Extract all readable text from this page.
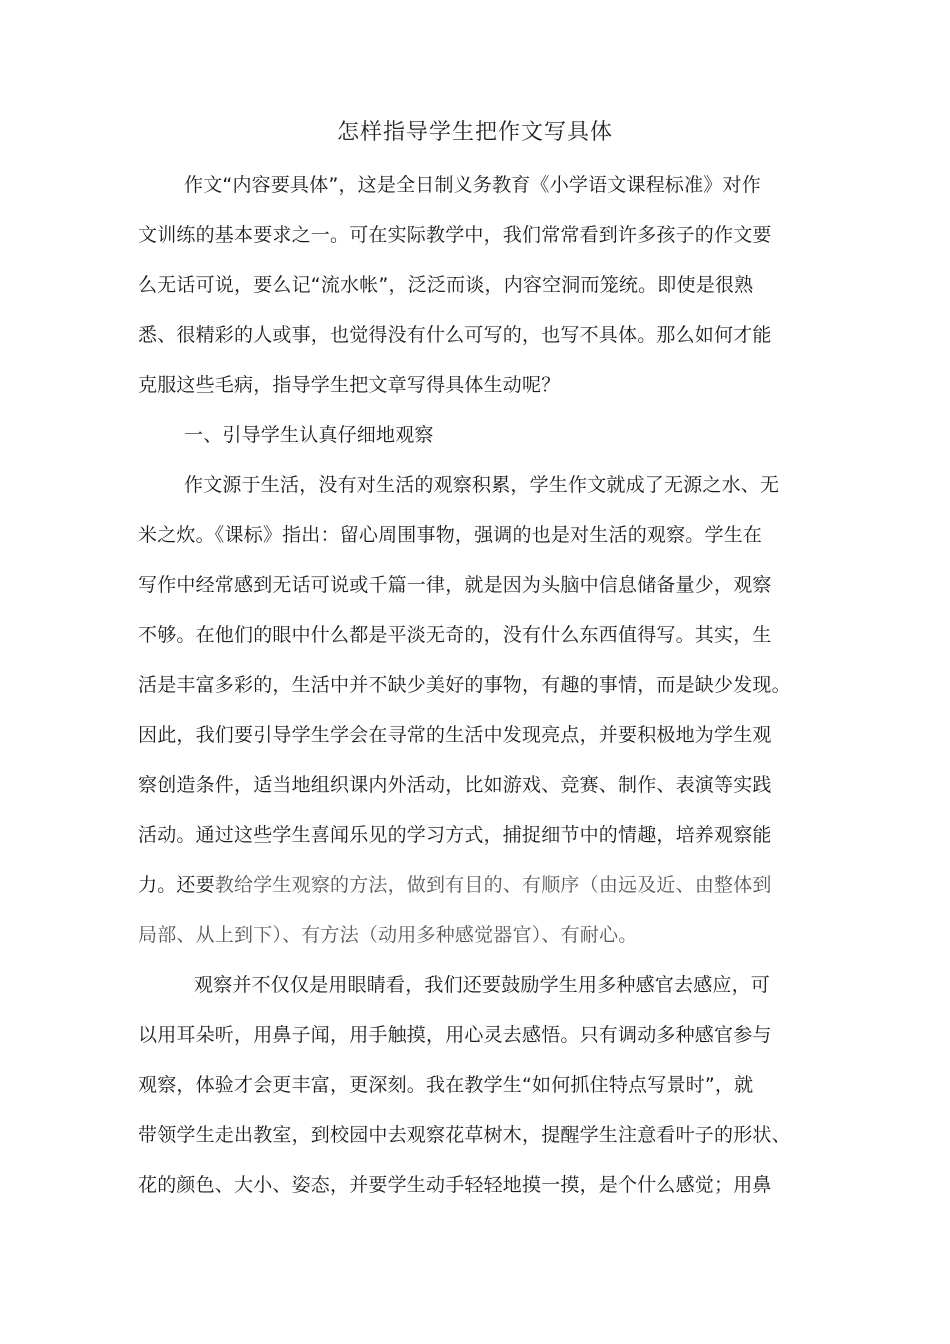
怎样指导学生把作文写具体
作文“内容要具体”，这是全日制义务教育《小学语文课程标准》对作
文训练的基本要求之一。可在实际教学中，我们常常看到许多孩子的作文要
么无话可说，要么记“流水帐”，泛泛而谈，内容空洞而笼统。即使是很熟
悉、很精彩的人或事，也觉得没有什么可写的，也写不具体。那么如何才能
克服这些毛病，指导学生把文章写得具体生动呢？
一、引导学生认真仔细地观察
作文源于生活，没有对生活的观察积累，学生作文就成了无源之水、无
米之炊。《课标》指出：留心周围事物，强调的也是对生活的观察。学生在
写作中经常感到无话可说或千篇一律，就是因为头脑中信息储备量少，观察
不够。在他们的眼中什么都是平淡无奇的，没有什么东西值得写。其实，生
活是丰富多彩的，生活中并不缺少美好的事物，有趣的事情，而是缺少发现。
因此，我们要引导学生学会在寻常的生活中发现亮点，并要积极地为学生观
察创造条件，适当地组织课内外活动，比如游戏、竞赛、制作、表演等实践
活动。通过这些学生喜闻乐见的学习方式，捕捉细节中的情趣，培养观察能
力。还要教给学生观察的方法，做到有目的、有顺序（由远及近、由整体到
局部、从上到下）、有方法（动用多种感觉器官）、有耐心。
观察并不仅仅是用眼睛看，我们还要鼓励学生用多种感官去感应，可
以用耳朵听，用鼻子闻，用手触摸，用心灵去感悟。只有调动多种感官参与
观察，体验才会更丰富，更深刻。我在教学生“如何抓住特点写景时”，就
带领学生走出教室，到校园中去观察花草树木，提醒学生注意看叶子的形状、
花的颜色、大小、姿态，并要学生动手轻轻地摸一摸，是个什么感觉；用鼻
